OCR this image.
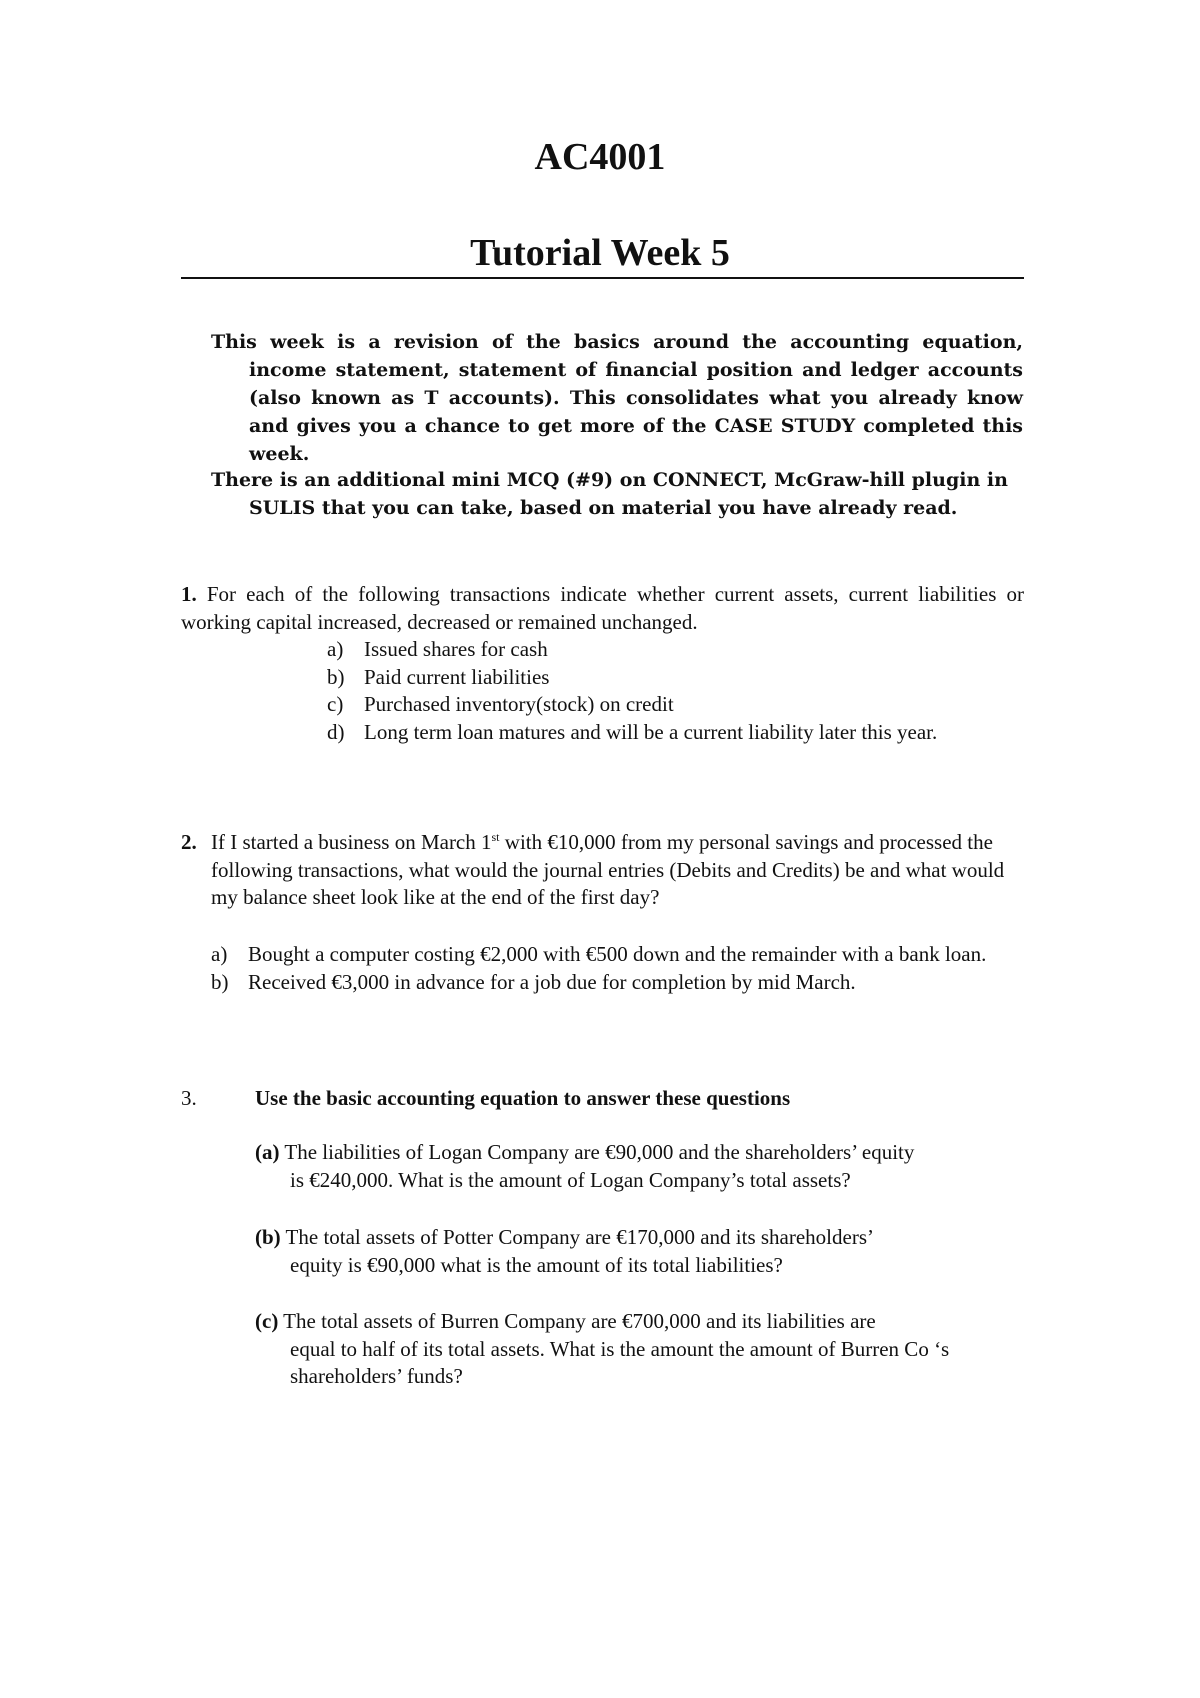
AC4001
Tutorial Week 5
This week is a revision of the basics around the accounting equation, income statement, statement of financial position and ledger accounts (also known as T accounts). This consolidates what you already know and gives you a chance to get more of the CASE STUDY completed this week.
There is an additional mini MCQ (#9) on CONNECT, McGraw-hill plugin in SULIS that you can take, based on material you have already read.
1. For each of the following transactions indicate whether current assets, current liabilities or working capital increased, decreased or remained unchanged.
a) Issued shares for cash
b) Paid current liabilities
c) Purchased inventory(stock) on credit
d) Long term loan matures and will be a current liability later this year.
2. If I started a business on March 1st with €10,000 from my personal savings and processed the following transactions, what would the journal entries (Debits and Credits) be and what would my balance sheet look like at the end of the first day?
a) Bought a computer costing €2,000 with €500 down and the remainder with a bank loan.
b) Received €3,000 in advance for a job due for completion by mid March.
3.	Use the basic accounting equation to answer these questions
(a) The liabilities of Logan Company are €90,000 and the shareholders’ equity
is €240,000. What is the amount of Logan Company’s total assets?
(b) The total assets of Potter Company are €170,000 and its shareholders’
equity is €90,000 what is the amount of its total liabilities?
(c) The total assets of Burren Company are €700,000 and its liabilities are
equal to half of its total assets. What is the amount the amount of Burren Co ‘s shareholders’ funds?
